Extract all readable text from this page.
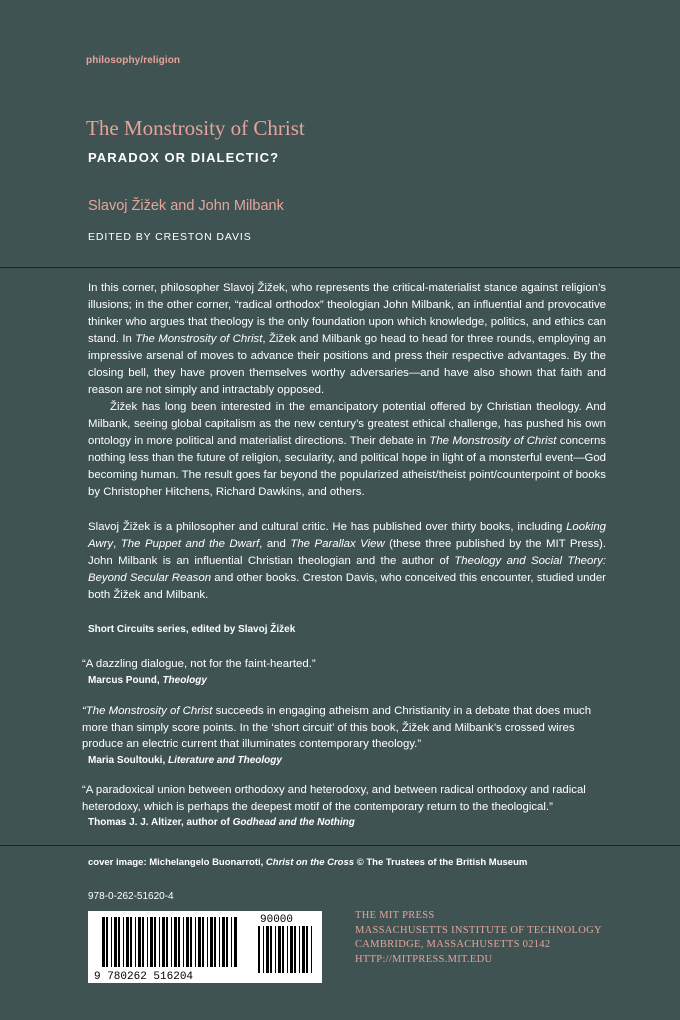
philosophy/religion
The Monstrosity of Christ
PARADOX OR DIALECTIC?
Slavoj Žižek and John Milbank
EDITED BY CRESTON DAVIS

In this corner, philosopher Slavoj Žižek, who represents the critical-materialist stance against religion’s illusions; in the other corner, “radical orthodox” theologian John Milbank, an influential and provocative thinker who argues that theology is the only foundation upon which knowledge, politics, and ethics can stand. In The Monstrosity of Christ, Žižek and Milbank go head to head for three rounds, employing an impressive arsenal of moves to advance their positions and press their respective advantages. By the closing bell, they have proven themselves worthy adversaries—and have also shown that faith and reason are not simply and intractably opposed.

Žižek has long been interested in the emancipatory potential offered by Christian theology. And Milbank, seeing global capitalism as the new century’s greatest ethical challenge, has pushed his own ontology in more political and materialist directions. Their debate in The Monstrosity of Christ concerns nothing less than the future of religion, secularity, and political hope in light of a monsterful event—God becoming human. The result goes far beyond the popularized atheist/theist point/counterpoint of books by Christopher Hitchens, Richard Dawkins, and others.

Slavoj Žižek is a philosopher and cultural critic. He has published over thirty books, including Looking Awry, The Puppet and the Dwarf, and The Parallax View (these three published by the MIT Press). John Milbank is an influential Christian theologian and the author of Theology and Social Theory: Beyond Secular Reason and other books. Creston Davis, who conceived this encounter, studied under both Žižek and Milbank.

Short Circuits series, edited by Slavoj Žižek
“A dazzling dialogue, not for the faint-hearted.”
Marcus Pound, Theology
“The Monstrosity of Christ succeeds in engaging atheism and Christianity in a debate that does much more than simply score points. In the ‘short circuit’ of this book, Žižek and Milbank’s crossed wires produce an electric current that illuminates contemporary theology.”
Maria Soultouki, Literature and Theology
“A paradoxical union between orthodoxy and heterodoxy, and between radical orthodoxy and radical heterodoxy, which is perhaps the deepest motif of the contemporary return to the theological.”
Thomas J. J. Altizer, author of Godhead and the Nothing
cover image: Michelangelo Buonarroti, Christ on the Cross © The Trustees of the British Museum
978-0-262-51620-4
9 780262 516204
90000	THE MIT PRESS
MASSACHUSETTS INSTITUTE OF TECHNOLOGY
CAMBRIDGE, MASSACHUSETTS 02142
HTTP://MITPRESS.MIT.EDU
